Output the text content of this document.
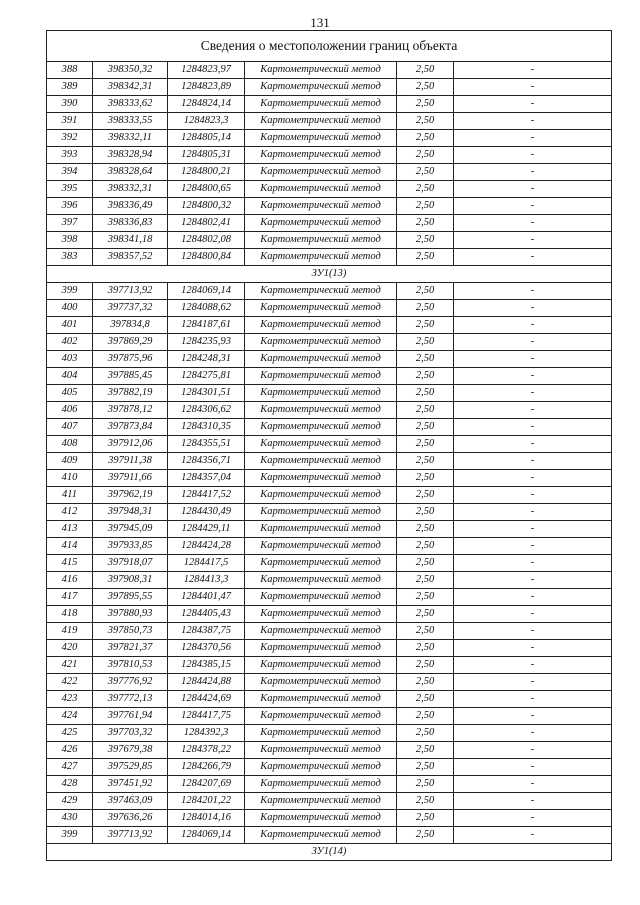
131
Сведения о местоположении границ объекта					
388	398350,32	1284823,97	Картометрический метод	2,50	-
389	398342,31	1284823,89	Картометрический метод	2,50	-
390	398333,62	1284824,14	Картометрический метод	2,50	-
391	398333,55	1284823,3	Картометрический метод	2,50	-
392	398332,11	1284805,14	Картометрический метод	2,50	-
393	398328,94	1284805,31	Картометрический метод	2,50	-
394	398328,64	1284800,21	Картометрический метод	2,50	-
395	398332,31	1284800,65	Картометрический метод	2,50	-
396	398336,49	1284800,32	Картометрический метод	2,50	-
397	398336,83	1284802,41	Картометрический метод	2,50	-
398	398341,18	1284802,08	Картометрический метод	2,50	-
383	398357,52	1284800,84	Картометрический метод	2,50	-
ЗУ1(13)					
399	397713,92	1284069,14	Картометрический метод	2,50	-
400	397737,32	1284088,62	Картометрический метод	2,50	-
401	397834,8	1284187,61	Картометрический метод	2,50	-
402	397869,29	1284235,93	Картометрический метод	2,50	-
403	397875,96	1284248,31	Картометрический метод	2,50	-
404	397885,45	1284275,81	Картометрический метод	2,50	-
405	397882,19	1284301,51	Картометрический метод	2,50	-
406	397878,12	1284306,62	Картометрический метод	2,50	-
407	397873,84	1284310,35	Картометрический метод	2,50	-
408	397912,06	1284355,51	Картометрический метод	2,50	-
409	397911,38	1284356,71	Картометрический метод	2,50	-
410	397911,66	1284357,04	Картометрический метод	2,50	-
411	397962,19	1284417,52	Картометрический метод	2,50	-
412	397948,31	1284430,49	Картометрический метод	2,50	-
413	397945,09	1284429,11	Картометрический метод	2,50	-
414	397933,85	1284424,28	Картометрический метод	2,50	-
415	397918,07	1284417,5	Картометрический метод	2,50	-
416	397908,31	1284413,3	Картометрический метод	2,50	-
417	397895,55	1284401,47	Картометрический метод	2,50	-
418	397880,93	1284405,43	Картометрический метод	2,50	-
419	397850,73	1284387,75	Картометрический метод	2,50	-
420	397821,37	1284370,56	Картометрический метод	2,50	-
421	397810,53	1284385,15	Картометрический метод	2,50	-
422	397776,92	1284424,88	Картометрический метод	2,50	-
423	397772,13	1284424,69	Картометрический метод	2,50	-
424	397761,94	1284417,75	Картометрический метод	2,50	-
425	397703,32	1284392,3	Картометрический метод	2,50	-
426	397679,38	1284378,22	Картометрический метод	2,50	-
427	397529,85	1284266,79	Картометрический метод	2,50	-
428	397451,92	1284207,69	Картометрический метод	2,50	-
429	397463,09	1284201,22	Картометрический метод	2,50	-
430	397636,26	1284014,16	Картометрический метод	2,50	-
399	397713,92	1284069,14	Картометрический метод	2,50	-
ЗУ1(14)					
